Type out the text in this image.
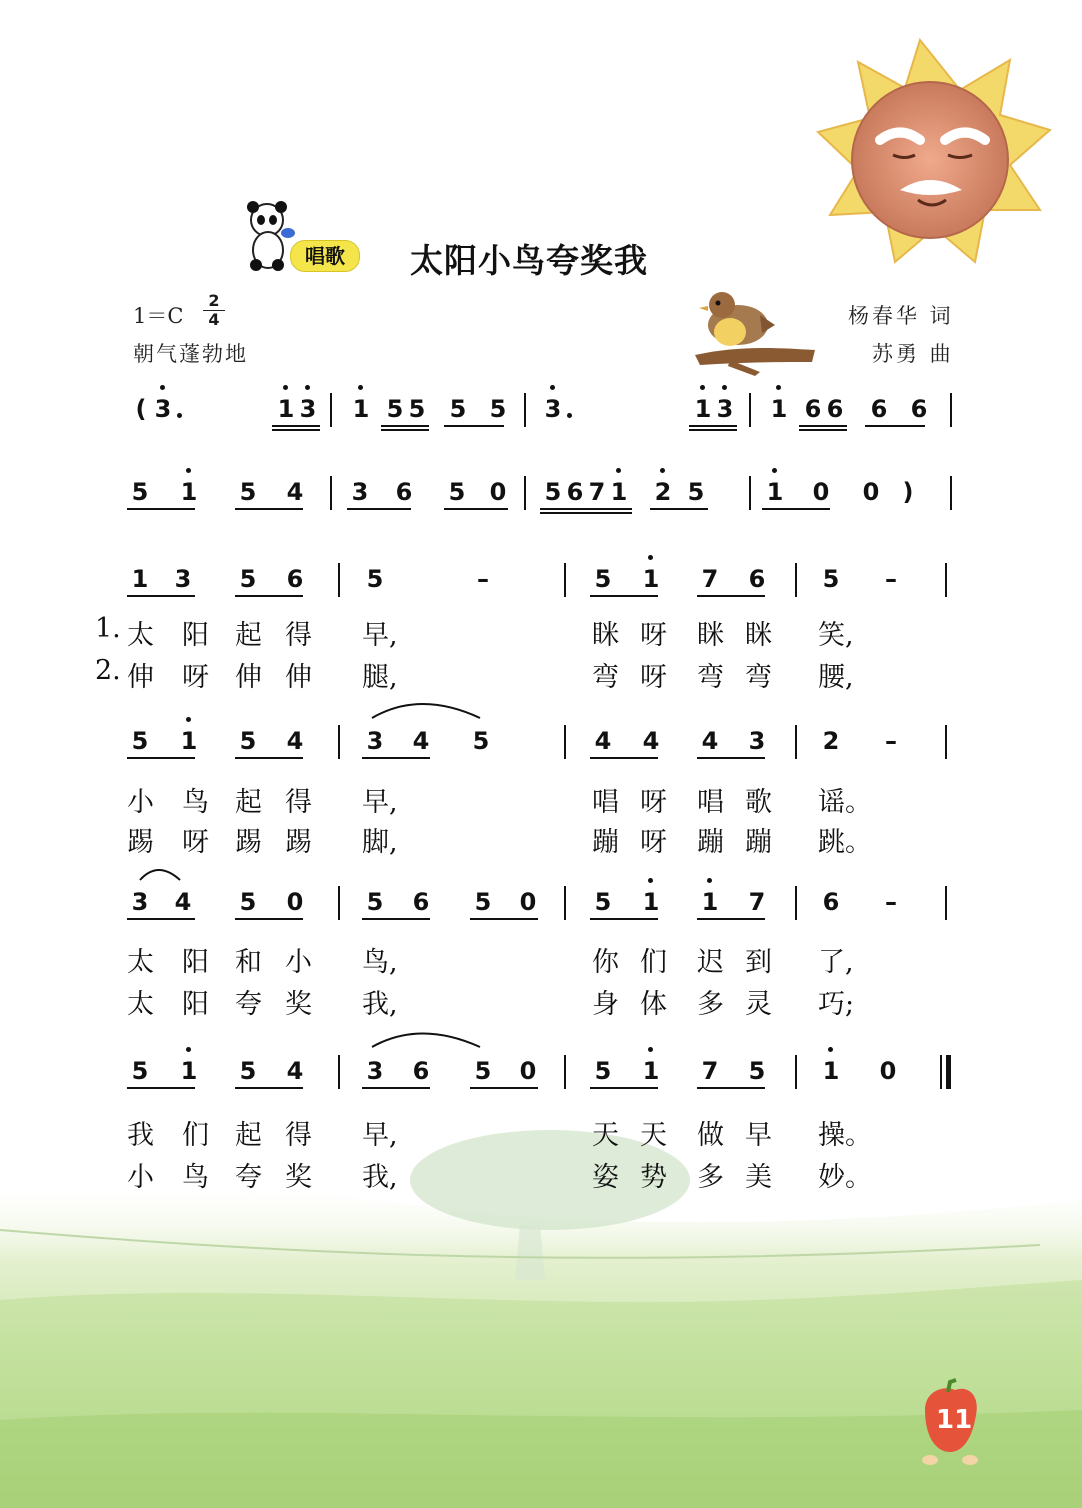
唱歌	太阳小鸟夸奖我
$1=C \frac{2}{4}$
朝气蓬勃地
杨春华 词
苏勇 曲
( 3	1 3 1 5 5 5 5 3	1 3 1 6 6 6 6
5 1 5 4 3 6 5 0 5 6 7 1 2 5	1 0 0 )
1 3 5 6	5	–	5 1 7 6 5 –
5 1 5 4	3 4 5	4 4 4 3 2 –
3 4 5 0	5 6 5 0 5 1 1 7 6 –
5 1 5 4	3 6 5 0 5 1 7 5 1 0
1.
2.
太 阳 起 得 早,	眯 呀 眯 眯 笑,
伸 呀 伸 伸 腿,	弯 呀 弯 弯 腰,
小 鸟 起 得 早,	唱 呀 唱 歌 谣。
踢 呀 踢 踢 脚,	蹦 呀 蹦 蹦 跳。
太 阳 和 小 鸟,	你 们 迟 到 了,
太 阳 夸 奖 我,	身 体 多 灵 巧;
我 们 起 得 早,	天 天 做 早 操。
小 鸟 夸 奖 我,	姿 势 多 美 妙。
11
